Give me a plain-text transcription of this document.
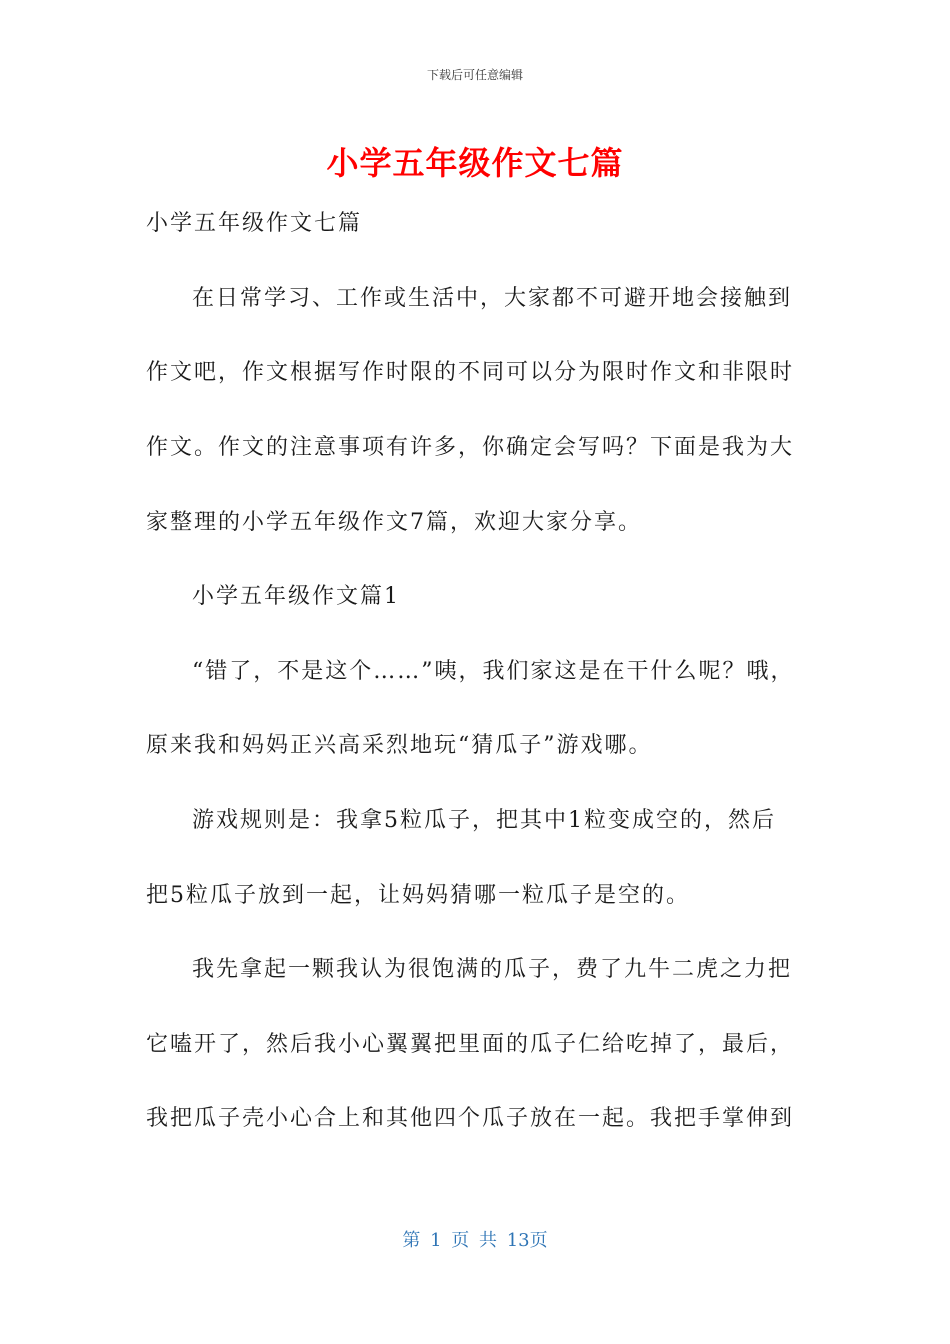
下载后可任意编辑
小学五年级作文七篇
小学五年级作文七篇
在日常学习、工作或生活中，大家都不可避开地会接触到
作文吧，作文根据写作时限的不同可以分为限时作文和非限时
作文。作文的注意事项有许多，你确定会写吗？下面是我为大
家整理的小学五年级作文7篇，欢迎大家分享。
小学五年级作文篇1
“错了，不是这个……”咦，我们家这是在干什么呢？哦，
原来我和妈妈正兴高采烈地玩“猜瓜子”游戏哪。
游戏规则是：我拿5粒瓜子，把其中1粒变成空的，然后
把5粒瓜子放到一起，让妈妈猜哪一粒瓜子是空的。
我先拿起一颗我认为很饱满的瓜子，费了九牛二虎之力把
它嗑开了，然后我小心翼翼把里面的瓜子仁给吃掉了，最后，
我把瓜子壳小心合上和其他四个瓜子放在一起。我把手掌伸到
第 1 页 共 13页
